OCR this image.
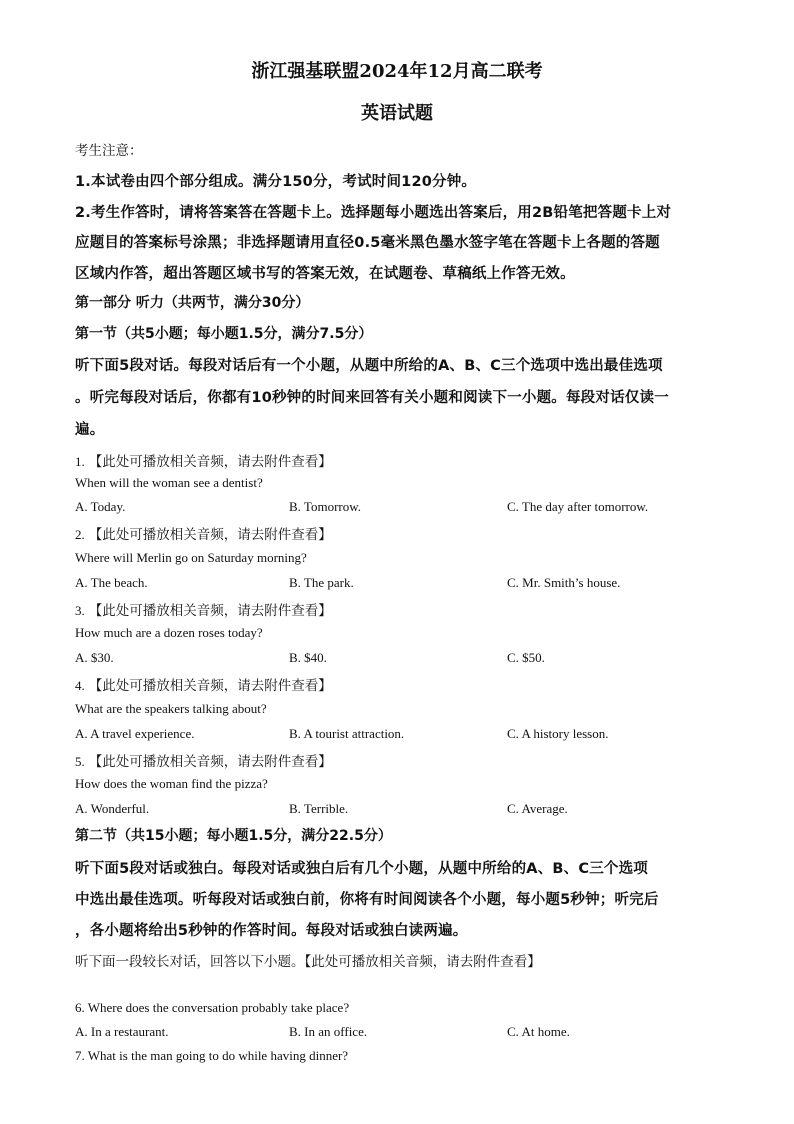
浙江强基联盟2024年12月高二联考
英语试题
考生注意：
1.本试卷由四个部分组成。满分150分，考试时间120分钟。
2.考生作答时，请将答案答在答题卡上。选择题每小题选出答案后，用2B铅笔把答题卡上对
应题目的答案标号涂黑；非选择题请用直径0.5毫米黑色墨水签字笔在答题卡上各题的答题
区域内作答，超出答题区域书写的答案无效，在试题卷、草稿纸上作答无效。
第一部分 听力（共两节，满分30分）
第一节（共5小题；每小题1.5分，满分7.5分）
听下面5段对话。每段对话后有一个小题，从题中所给的A、B、C三个选项中选出最佳选项
。听完每段对话后，你都有10秒钟的时间来回答有关小题和阅读下一小题。每段对话仅读一
遍。
1. 【此处可播放相关音频，请去附件查看】
When will the woman see a dentist?
A. Today.	B. Tomorrow.	C. The day after tomorrow.
2. 【此处可播放相关音频，请去附件查看】
Where will Merlin go on Saturday morning?
A. The beach.	B. The park.	C. Mr. Smith’s house.
3. 【此处可播放相关音频，请去附件查看】
How much are a dozen roses today?
A. $30.	B. $40.	C. $50.
4. 【此处可播放相关音频，请去附件查看】
What are the speakers talking about?
A. A travel experience.	B. A tourist attraction.	C. A history lesson.
5. 【此处可播放相关音频，请去附件查看】
How does the woman find the pizza?
A. Wonderful.	B. Terrible.	C. Average.
第二节（共15小题；每小题1.5分，满分22.5分）
听下面5段对话或独白。每段对话或独白后有几个小题，从题中所给的A、B、C三个选项
中选出最佳选项。听每段对话或独白前，你将有时间阅读各个小题，每小题5秒钟；听完后
，各小题将给出5秒钟的作答时间。每段对话或独白读两遍。
听下面一段较长对话，回答以下小题。【此处可播放相关音频，请去附件查看】
6. Where does the conversation probably take place?
A. In a restaurant.	B. In an office.	C. At home.
7. What is the man going to do while having dinner?
